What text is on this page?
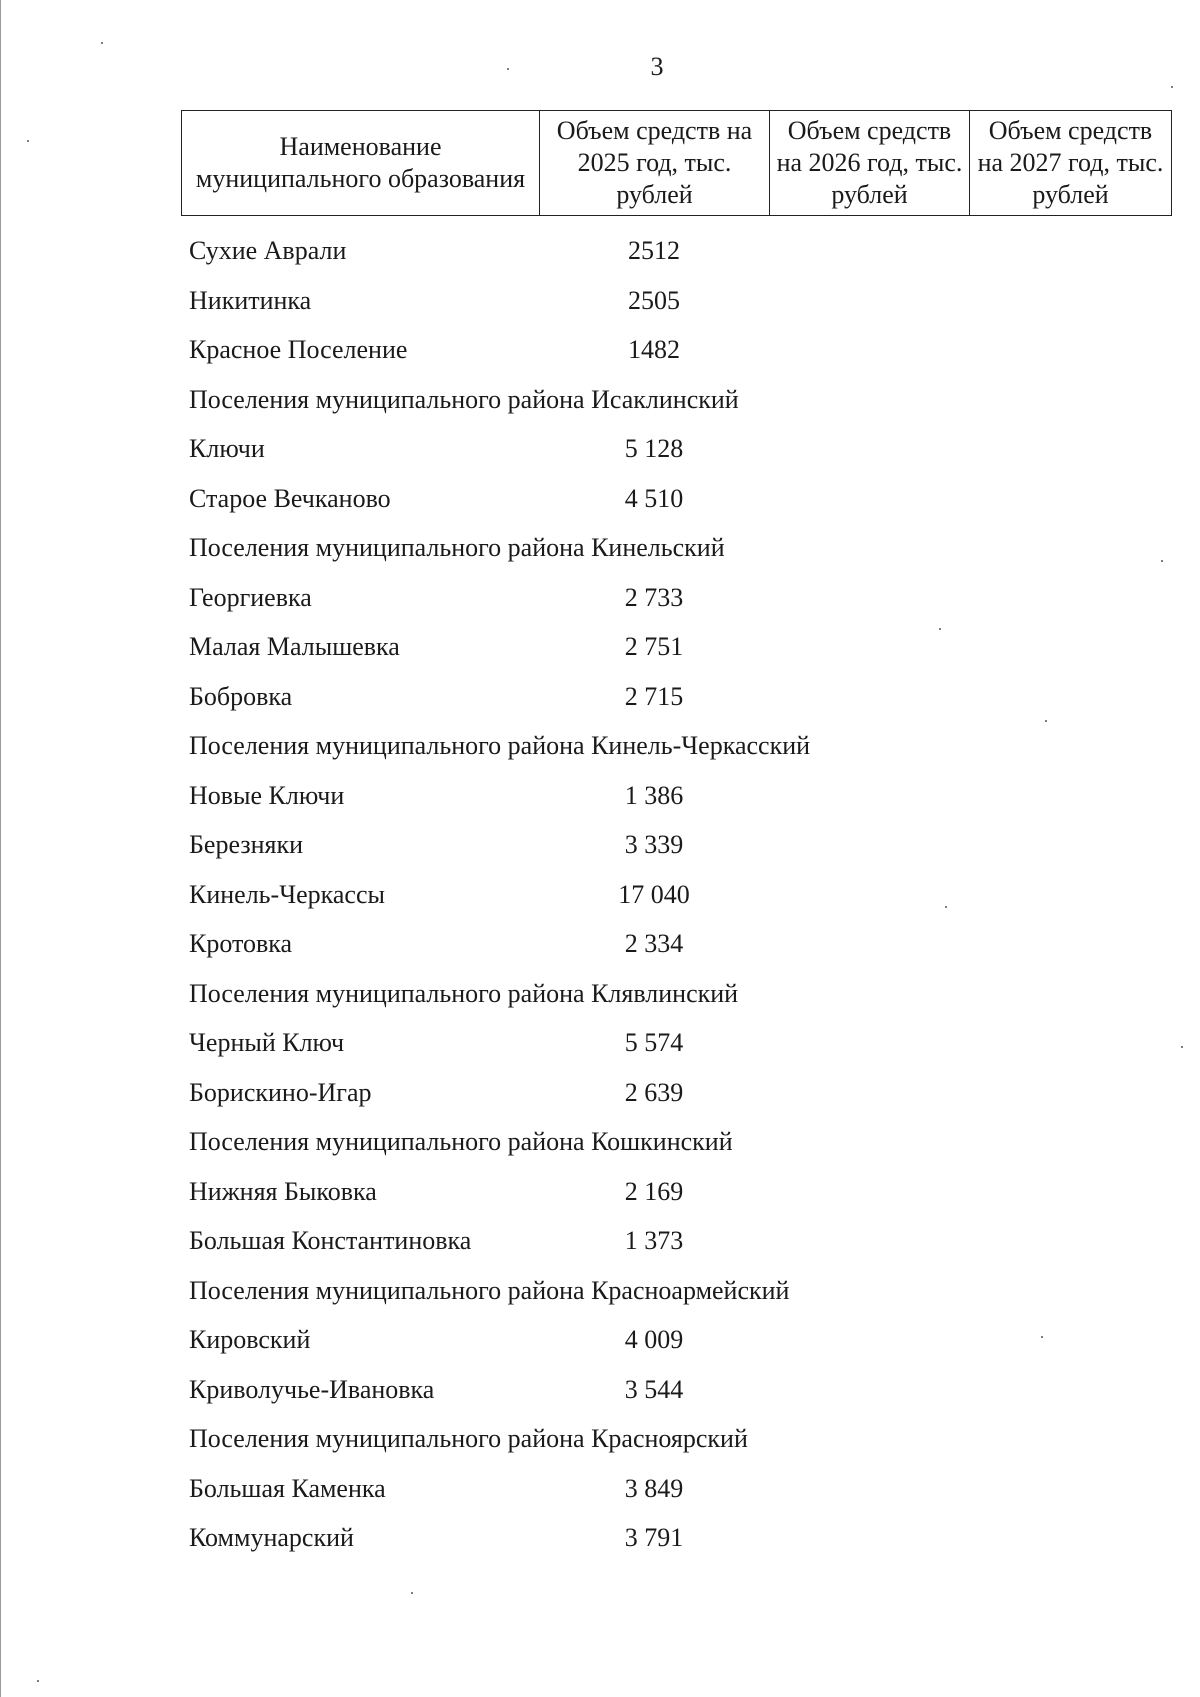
3
Наименование муниципального образования	Объем средств на 2025 год, тыс. рублей	Объем средств на 2026 год, тыс. рублей	Объем средств на 2027 год, тыс. рублей
Сухие Аврали	2512
Никитинка	2505
Красное Поселение	1482
Поселения муниципального района Исаклинский
Ключи	5 128
Старое Вечканово	4 510
Поселения муниципального района Кинельский
Георгиевка	2 733
Малая Малышевка	2 751
Бобровка	2 715
Поселения муниципального района Кинель-Черкасский
Новые Ключи	1 386
Березняки	3 339
Кинель-Черкассы	17 040
Кротовка	2 334
Поселения муниципального района Клявлинский
Черный Ключ	5 574
Борискино-Игар	2 639
Поселения муниципального района Кошкинский
Нижняя Быковка	2 169
Большая Константиновка	1 373
Поселения муниципального района Красноармейский
Кировский	4 009
Криволучье-Ивановка	3 544
Поселения муниципального района Красноярский
Большая Каменка	3 849
Коммунарский	3 791
